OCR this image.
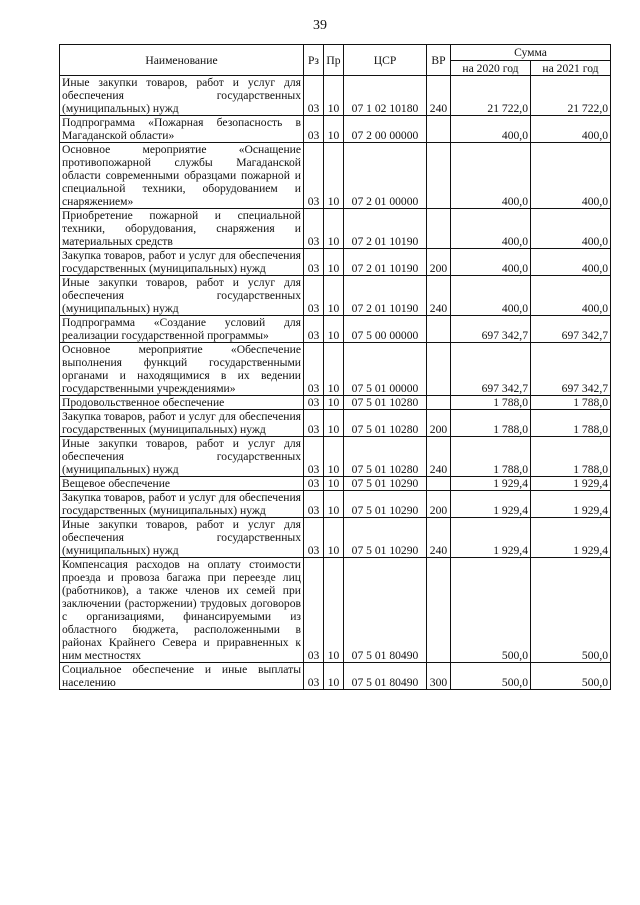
39
Наименование	Рз	Пр	ЦСР	ВР	Сумма	
					на 2020 год	на 2021 год
Иные закупки товаров, работ и услуг для обеспечения государственных (муниципальных) нужд	03	10	07 1 02 10180	240	21 722,0	21 722,0
Подпрограмма «Пожарная безопасность в Магаданской области»	03	10	07 2 00 00000		400,0	400,0
Основное мероприятие «Оснащение противопожарной службы Магаданской области современными образцами пожарной и специальной техники, оборудованием и снаряжением»	03	10	07 2 01 00000		400,0	400,0
Приобретение пожарной и специальной техники, оборудования, снаряжения и материальных средств	03	10	07 2 01 10190		400,0	400,0
Закупка товаров, работ и услуг для обеспечения государственных (муниципальных) нужд	03	10	07 2 01 10190	200	400,0	400,0
Иные закупки товаров, работ и услуг для обеспечения государственных (муниципальных) нужд	03	10	07 2 01 10190	240	400,0	400,0
Подпрограмма «Создание условий для реализации государственной программы»	03	10	07 5 00 00000		697 342,7	697 342,7
Основное мероприятие «Обеспечение выполнения функций государственными органами и находящимися в их ведении государственными учреждениями»	03	10	07 5 01 00000		697 342,7	697 342,7
Продовольственное обеспечение	03	10	07 5 01 10280		1 788,0	1 788,0
Закупка товаров, работ и услуг для обеспечения государственных (муниципальных) нужд	03	10	07 5 01 10280	200	1 788,0	1 788,0
Иные закупки товаров, работ и услуг для обеспечения государственных (муниципальных) нужд	03	10	07 5 01 10280	240	1 788,0	1 788,0
Вещевое обеспечение	03	10	07 5 01 10290		1 929,4	1 929,4
Закупка товаров, работ и услуг для обеспечения государственных (муниципальных) нужд	03	10	07 5 01 10290	200	1 929,4	1 929,4
Иные закупки товаров, работ и услуг для обеспечения государственных (муниципальных) нужд	03	10	07 5 01 10290	240	1 929,4	1 929,4
Компенсация расходов на оплату стоимости проезда и провоза багажа при переезде лиц (работников), а также членов их семей при заключении (расторжении) трудовых договоров с организациями, финансируемыми из областного бюджета, расположенными в районах Крайнего Севера и приравненных к ним местностях	03	10	07 5 01 80490		500,0	500,0
Социальное обеспечение и иные выплаты населению	03	10	07 5 01 80490	300	500,0	500,0
